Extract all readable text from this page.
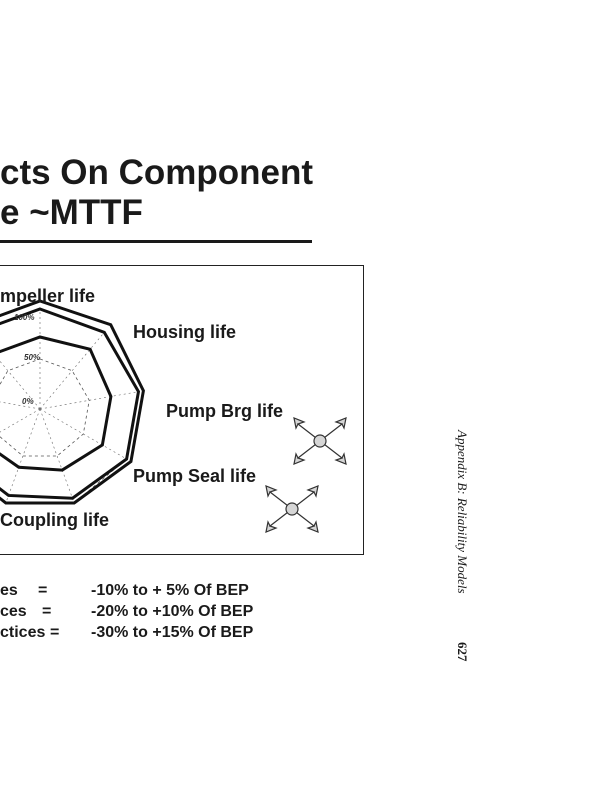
cts On Component
e ~MTTF
mpeller life
Housing life
Pump Brg life
Pump Seal life
Coupling life
100%
50%
0%
es =	-10% to + 5% Of BEP
ces = -20% to +10% Of BEP
ctices = -30% to +15% Of BEP
Appendix B: Reliability Models
627
